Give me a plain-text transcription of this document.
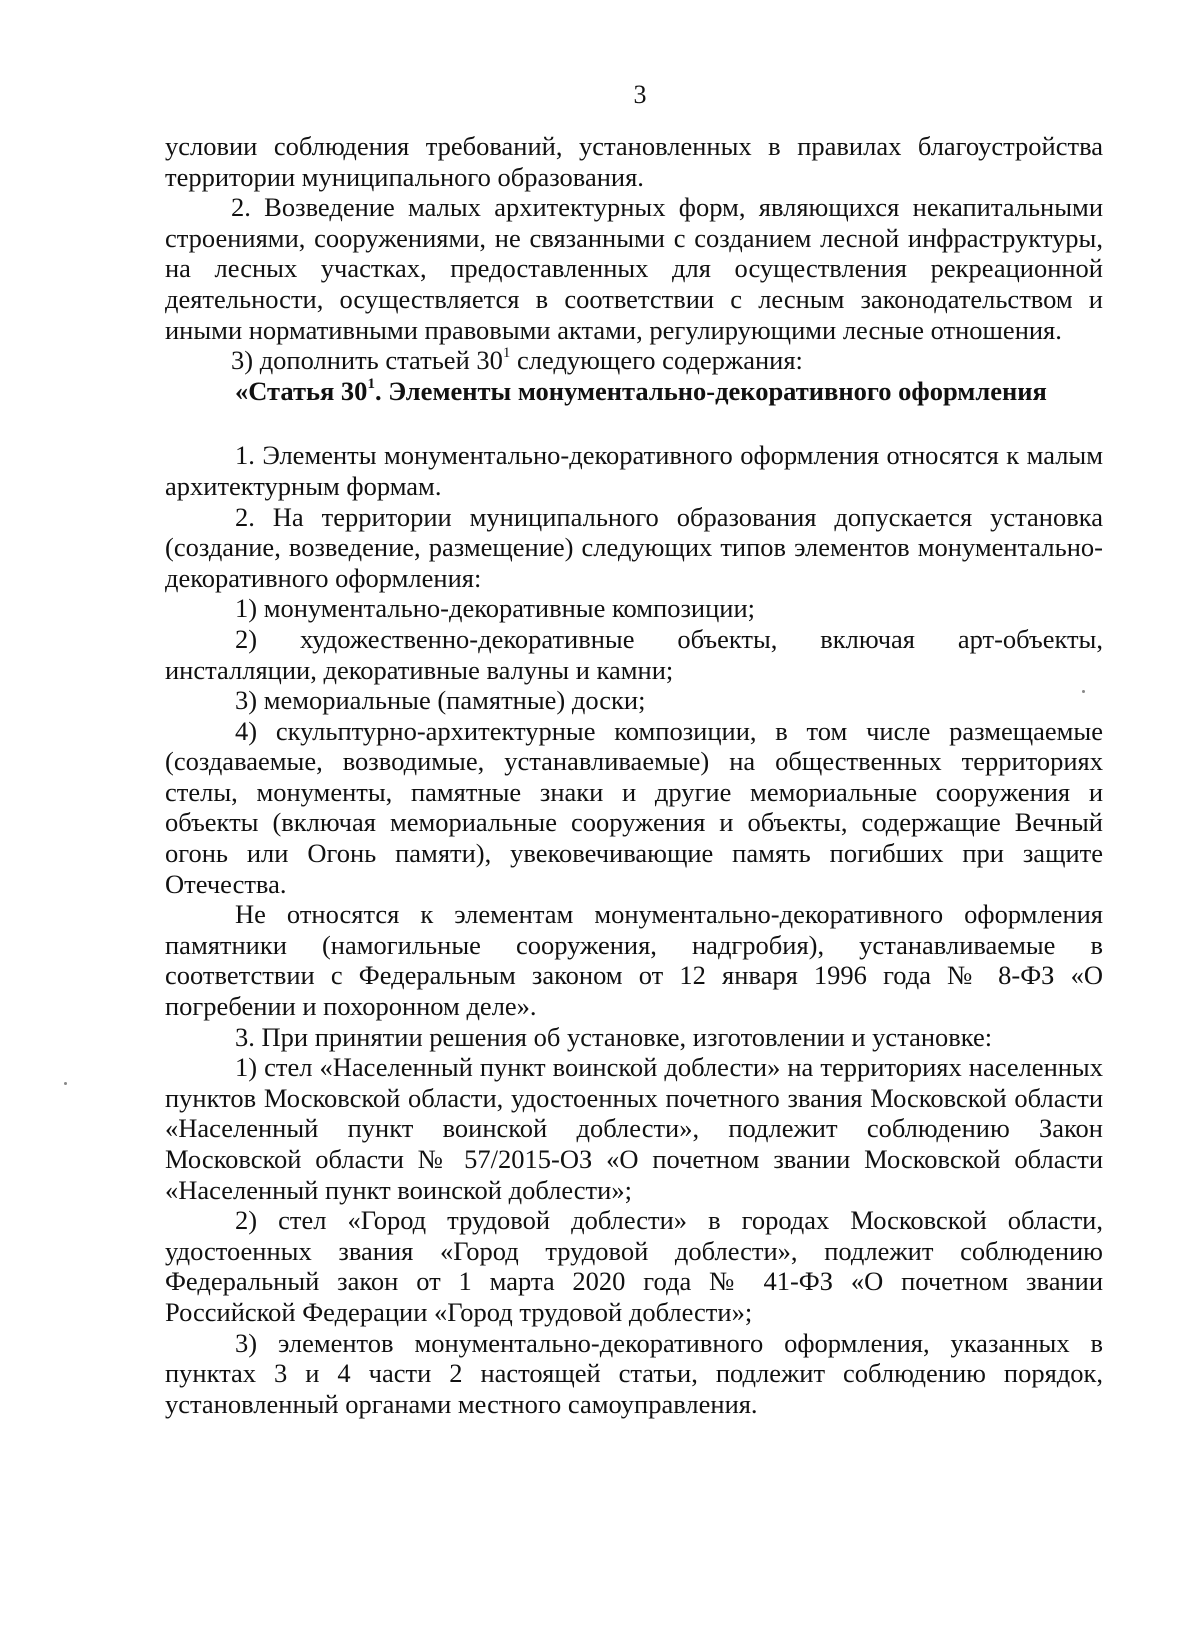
3

условии соблюдения требований, установленных в правилах благоустройства территории муниципального образования.

2. Возведение малых архитектурных форм, являющихся некапитальными строениями, сооружениями, не связанными с созданием лесной инфраструктуры, на лесных участках, предоставленных для осуществления рекреационной деятельности, осуществляется в соответствии с лесным законодательством и иными нормативными правовыми актами, регулирующими лесные отношения.

3) дополнить статьей $30^1$ следующего содержания:

«Статья $30^1$. Элементы монументально-декоративного оформления

1. Элементы монументально-декоративного оформления относятся к малым архитектурным формам.

2. На территории муниципального образования допускается установка (создание, возведение, размещение) следующих типов элементов монументально-декоративного оформления:

1) монументально-декоративные композиции;

2) художественно-декоративные объекты, включая арт-объекты, инсталляции, декоративные валуны и камни;

3) мемориальные (памятные) доски;

4) скульптурно-архитектурные композиции, в том числе размещаемые (создаваемые, возводимые, устанавливаемые) на общественных территориях стелы, монументы, памятные знаки и другие мемориальные сооружения и объекты (включая мемориальные сооружения и объекты, содержащие Вечный огонь или Огонь памяти), увековечивающие память погибших при защите Отечества.

Не относятся к элементам монументально-декоративного оформления памятники (намогильные сооружения, надгробия), устанавливаемые в соответствии с Федеральным законом от 12 января 1996 года № 8-ФЗ «О погребении и похоронном деле».

3. При принятии решения об установке, изготовлении и установке:

1) стел «Населенный пункт воинской доблести» на территориях населенных пунктов Московской области, удостоенных почетного звания Московской области «Населенный пункт воинской доблести», подлежит соблюдению Закон Московской области № 57/2015-ОЗ «О почетном звании Московской области «Населенный пункт воинской доблести»;

2) стел «Город трудовой доблести» в городах Московской области, удостоенных звания «Город трудовой доблести», подлежит соблюдению Федеральный закон от 1 марта 2020 года № 41-ФЗ «О почетном звании Российской Федерации «Город трудовой доблести»;

3) элементов монументально-декоративного оформления, указанных в пунктах 3 и 4 части 2 настоящей статьи, подлежит соблюдению порядок, установленный органами местного самоуправления.
